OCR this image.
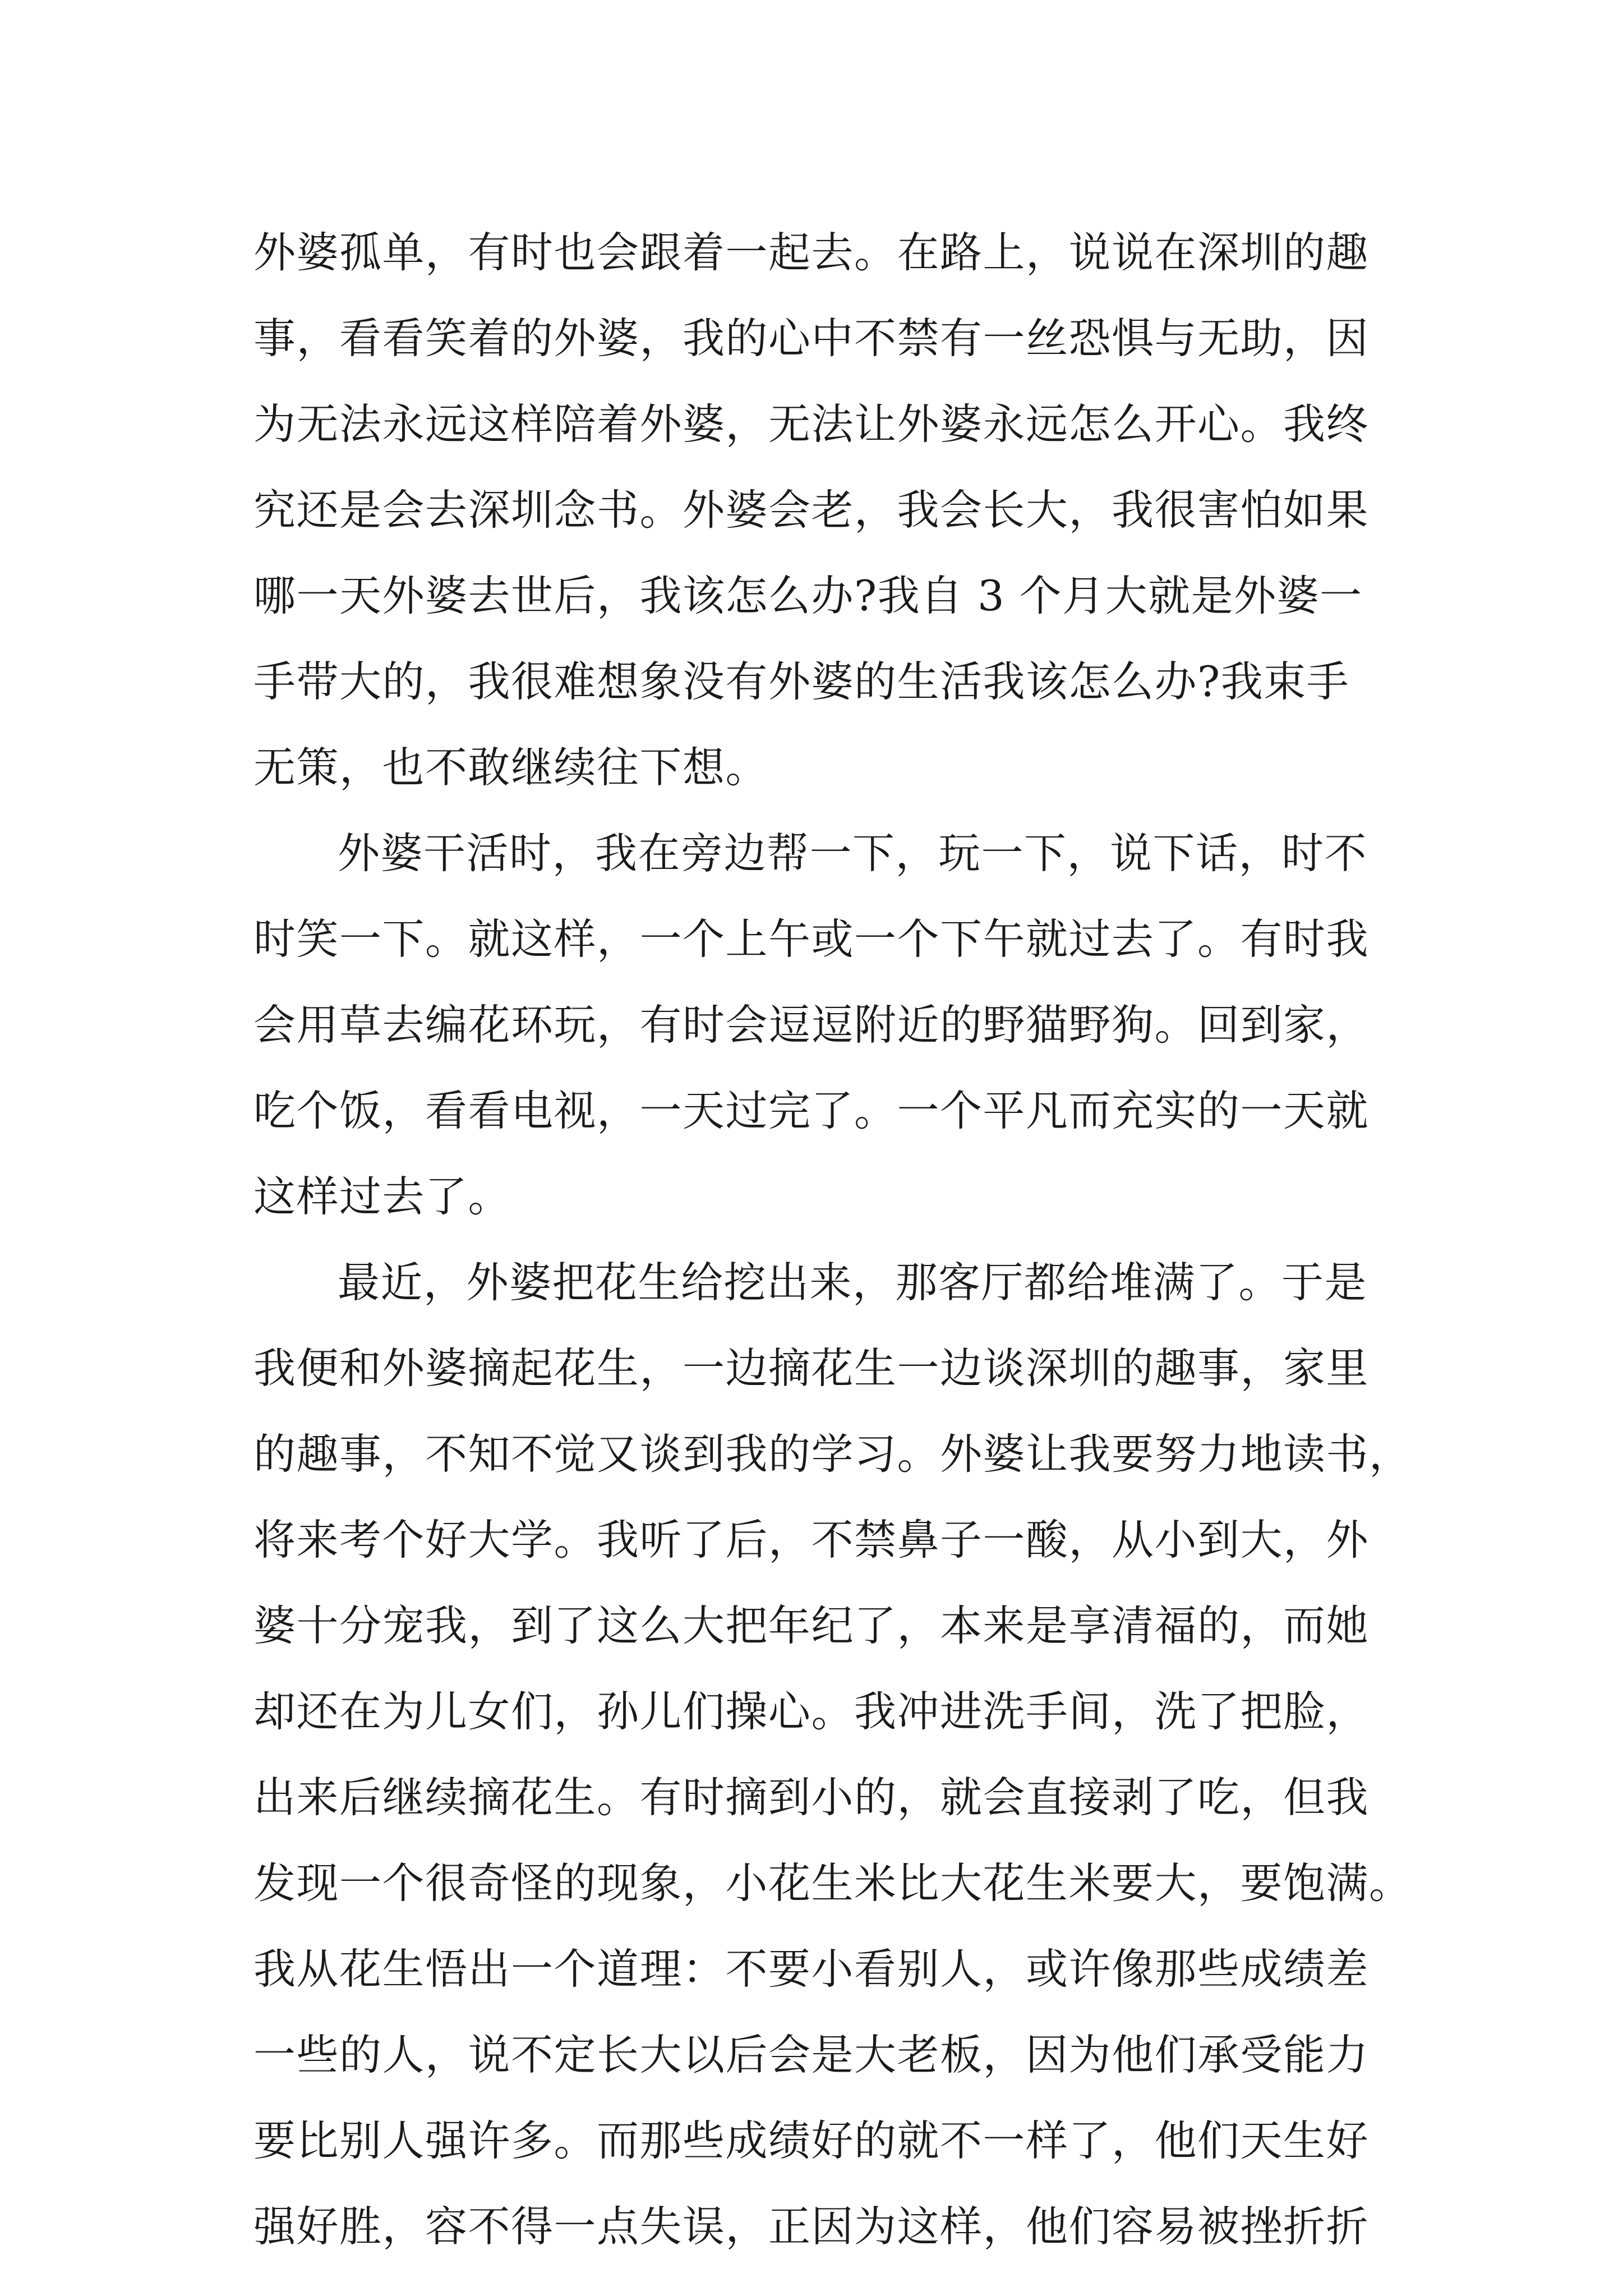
外婆孤单，有时也会跟着一起去。在路上，说说在深圳的趣
事，看看笑着的外婆，我的心中不禁有一丝恐惧与无助，因
为无法永远这样陪着外婆，无法让外婆永远怎么开心。我终
究还是会去深圳念书。外婆会老，我会长大，我很害怕如果
哪一天外婆去世后，我该怎么办?我自 3 个月大就是外婆一
手带大的，我很难想象没有外婆的生活我该怎么办?我束手
无策，也不敢继续往下想。
外婆干活时，我在旁边帮一下，玩一下，说下话，时不
时笑一下。就这样，一个上午或一个下午就过去了。有时我
会用草去编花环玩，有时会逗逗附近的野猫野狗。回到家，
吃个饭，看看电视，一天过完了。一个平凡而充实的一天就
这样过去了。
最近，外婆把花生给挖出来，那客厅都给堆满了。于是
我便和外婆摘起花生，一边摘花生一边谈深圳的趣事，家里
的趣事，不知不觉又谈到我的学习。外婆让我要努力地读书，
将来考个好大学。我听了后，不禁鼻子一酸，从小到大，外
婆十分宠我，到了这么大把年纪了，本来是享清福的，而她
却还在为儿女们，孙儿们操心。我冲进洗手间，洗了把脸，
出来后继续摘花生。有时摘到小的，就会直接剥了吃，但我
发现一个很奇怪的现象，小花生米比大花生米要大，要饱满。
我从花生悟出一个道理：不要小看别人，或许像那些成绩差
一些的人，说不定长大以后会是大老板，因为他们承受能力
要比别人强许多。而那些成绩好的就不一样了，他们天生好
强好胜，容不得一点失误，正因为这样，他们容易被挫折折
